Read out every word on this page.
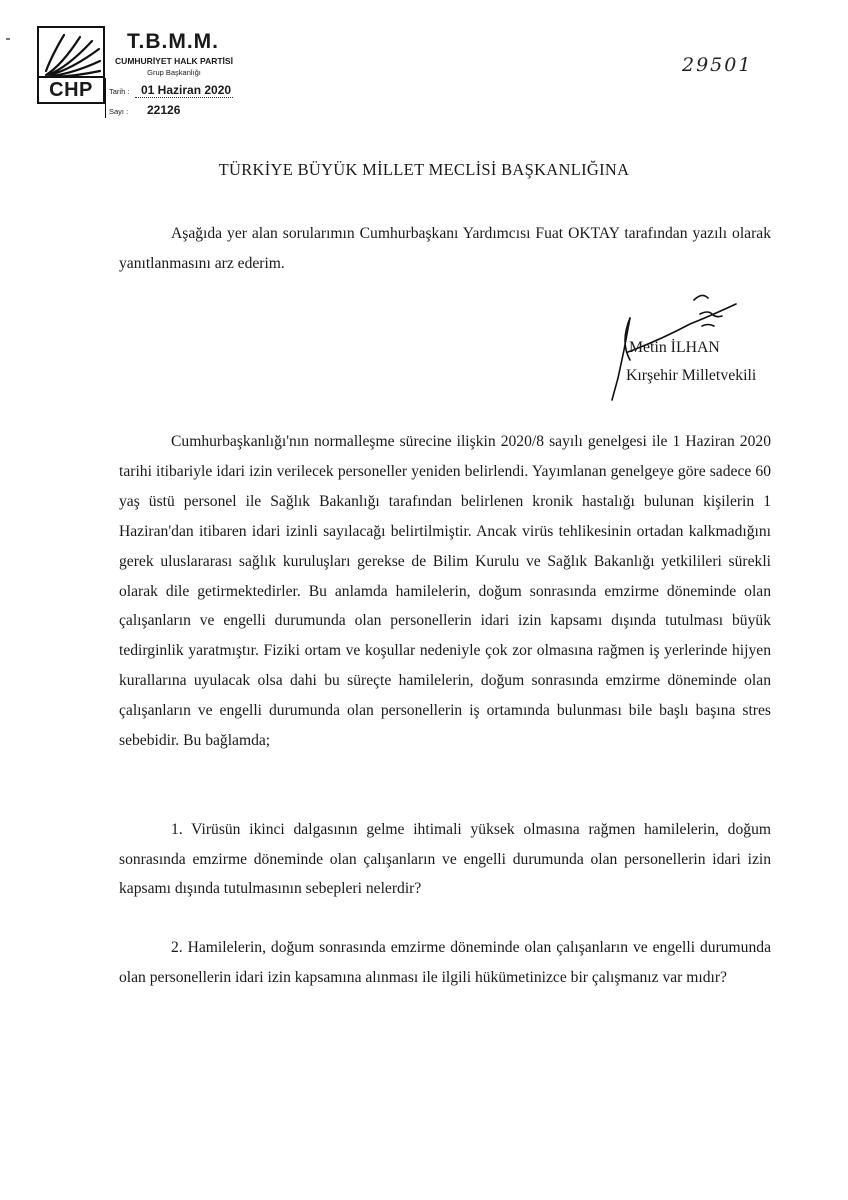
CHP
T.B.M.M.
CUMHURİYET HALK PARTİSİ
Grup Başkanlığı
Tarih : 01 Haziran 2020
Sayı : 22126
29501
TÜRKİYE BÜYÜK MİLLET MECLİSİ BAŞKANLIĞINA

Aşağıda yer alan sorularımın Cumhurbaşkanı Yardımcısı Fuat OKTAY tarafından yazılı olarak yanıtlanmasını arz ederim.

Metin İLHAN
Kırşehir Milletvekili
Cumhurbaşkanlığı'nın normalleşme sürecine ilişkin 2020/8 sayılı genelgesi ile 1 Haziran 2020 tarihi itibariyle idari izin verilecek personeller yeniden belirlendi. Yayımlanan genelgeye göre sadece 60 yaş üstü personel ile Sağlık Bakanlığı tarafından belirlenen kronik hastalığı bulunan kişilerin 1 Haziran'dan itibaren idari izinli sayılacağı belirtilmiştir. Ancak virüs tehlikesinin ortadan kalkmadığını gerek uluslararası sağlık kuruluşları gerekse de Bilim Kurulu ve Sağlık Bakanlığı yetkilileri sürekli olarak dile getirmektedirler. Bu anlamda hamilelerin, doğum sonrasında emzirme döneminde olan çalışanların ve engelli durumunda olan personellerin idari izin kapsamı dışında tutulması büyük tedirginlik yaratmıştır. Fiziki ortam ve koşullar nedeniyle çok zor olmasına rağmen iş yerlerinde hijyen kurallarına uyulacak olsa dahi bu süreçte hamilelerin, doğum sonrasında emzirme döneminde olan çalışanların ve engelli durumunda olan personellerin iş ortamında bulunması bile başlı başına stres sebebidir. Bu bağlamda;
1. Virüsün ikinci dalgasının gelme ihtimali yüksek olmasına rağmen hamilelerin, doğum sonrasında emzirme döneminde olan çalışanların ve engelli durumunda olan personellerin idari izin kapsamı dışında tutulmasının sebepleri nelerdir?
2. Hamilelerin, doğum sonrasında emzirme döneminde olan çalışanların ve engelli durumunda olan personellerin idari izin kapsamına alınması ile ilgili hükümetinizce bir çalışmanız var mıdır?
